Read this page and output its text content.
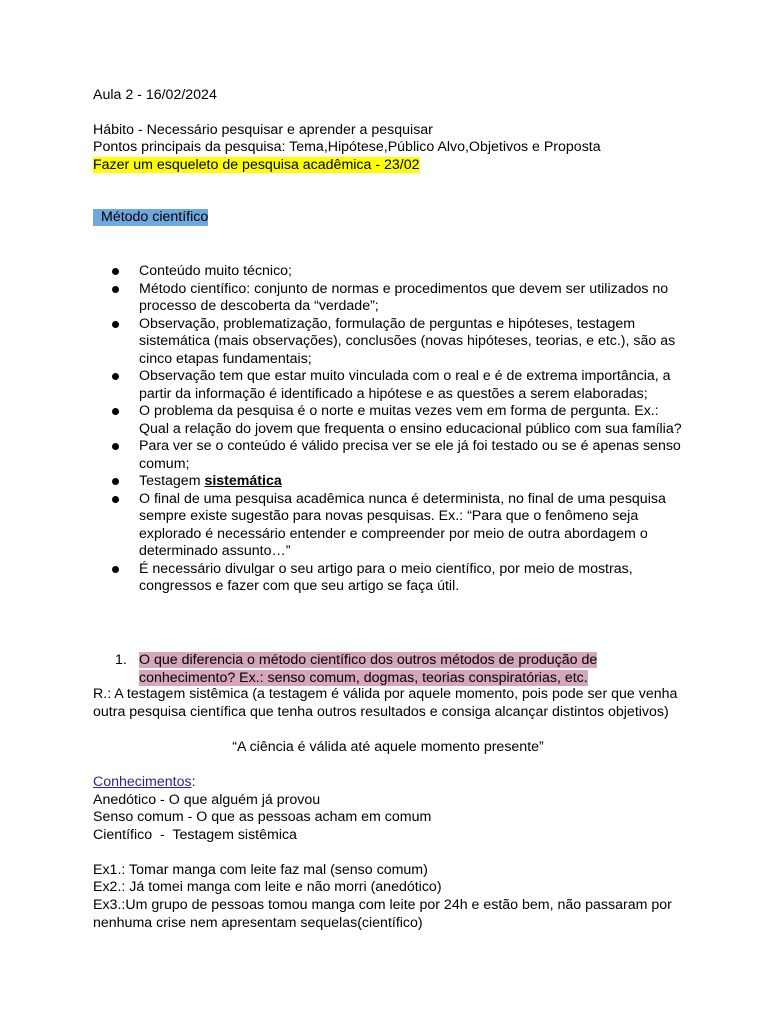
Aula 2 - 16/02/2024
Hábito - Necessário pesquisar e aprender a pesquisar
Pontos principais da pesquisa: Tema,Hipótese,Público Alvo,Objetivos e Proposta
Fazer um esqueleto de pesquisa acadêmica - 23/02
Método científico
Conteúdo muito técnico;
Método científico: conjunto de normas e procedimentos que devem ser utilizados no processo de descoberta da “verdade”;
Observação, problematização, formulação de perguntas e hipóteses, testagem sistemática (mais observações), conclusões (novas hipóteses, teorias, e etc.), são as cinco etapas fundamentais;
Observação tem que estar muito vinculada com o real e é de extrema importância, a partir da informação é identificado a hipótese e as questões a serem elaboradas;
O problema da pesquisa é o norte e muitas vezes vem em forma de pergunta. Ex.: Qual a relação do jovem que frequenta o ensino educacional público com sua família?
Para ver se o conteúdo é válido precisa ver se ele já foi testado ou se é apenas senso comum;
Testagem sistemática
O final de uma pesquisa acadêmica nunca é determinista, no final de uma pesquisa sempre existe sugestão para novas pesquisas. Ex.: “Para que o fenômeno seja explorado é necessário entender e compreender por meio de outra abordagem o determinado assunto…”
É necessário divulgar o seu artigo para o meio científico, por meio de mostras, congressos e fazer com que seu artigo se faça útil.
1. O que diferencia o método científico dos outros métodos de produção de conhecimento? Ex.: senso comum, dogmas, teorias conspiratórias, etc.
R.: A testagem sistêmica (a testagem é válida por aquele momento, pois pode ser que venha outra pesquisa científica que tenha outros resultados e consiga alcançar distintos objetivos)
“A ciência é válida até aquele momento presente”
Conhecimentos:
Anedótico - O que alguém já provou
Senso comum - O que as pessoas acham em comum
Científico  -  Testagem sistêmica
Ex1.: Tomar manga com leite faz mal (senso comum)
Ex2.: Já tomei manga com leite e não morri (anedótico)
Ex3.:Um grupo de pessoas tomou manga com leite por 24h e estão bem, não passaram por nenhuma crise nem apresentam sequelas(científico)
